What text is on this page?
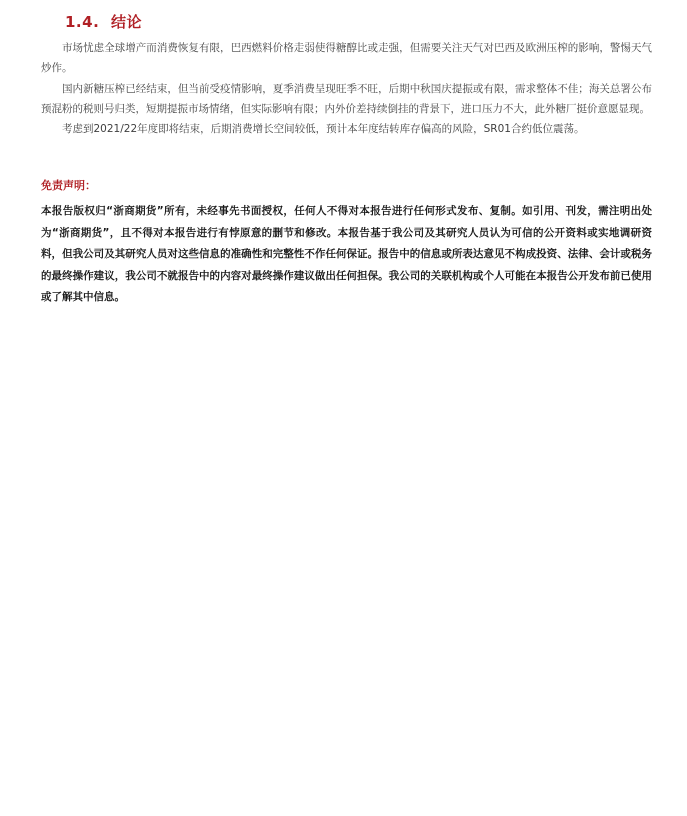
1.4. 结论

市场忧虑全球增产而消费恢复有限，巴西燃料价格走弱使得糖醇比或走强，但需要关注天气对巴西及欧洲压榨的影响，警惕天气炒作。

国内新糖压榨已经结束，但当前受疫情影响，夏季消费呈现旺季不旺，后期中秋国庆提振或有限，需求整体不佳；海关总署公布预混粉的税则号归类，短期提振市场情绪，但实际影响有限；内外价差持续倒挂的背景下，进口压力不大，此外糖厂挺价意愿显现。

考虑到2021/22年度即将结束，后期消费增长空间较低，预计本年度结转库存偏高的风险，SR01合约低位震荡。

免责声明：

本报告版权归“浙商期货”所有，未经事先书面授权，任何人不得对本报告进行任何形式发布、复制。如引用、刊发，需注明出处为“浙商期货”，且不得对本报告进行有悖原意的删节和修改。本报告基于我公司及其研究人员认为可信的公开资料或实地调研资料，但我公司及其研究人员对这些信息的准确性和完整性不作任何保证。报告中的信息或所表达意见不构成投资、法律、会计或税务的最终操作建议，我公司不就报告中的内容对最终操作建议做出任何担保。我公司的关联机构或个人可能在本报告公开发布前已使用或了解其中信息。
